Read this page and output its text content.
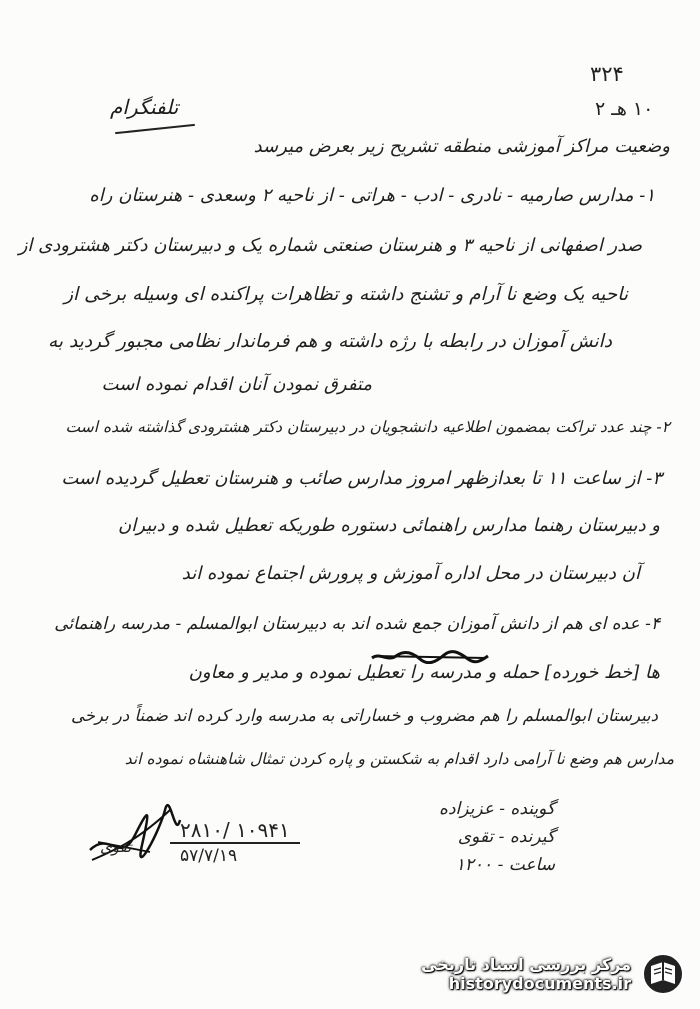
۳۲۴
۱۰ هـ ۲
تلفنگرام
وضعیت مراکز آموزشی منطقه تشریح زیر بعرض میرسد
۱- مدارس صارمیه - نادری - ادب - هراتی - از ناحیه ۲ وسعدی - هنرستان راه
صدر اصفهانی از ناحیه ۳ و هنرستان صنعتی شماره یک و دبیرستان دکتر هشترودی از
ناحیه یک وضع نا آرام و تشنج داشته و تظاهرات پراکنده ای وسیله برخی از
دانش آموزان در رابطه با رژه داشته و هم فرماندار نظامی مجبور گردید به
متفرق نمودن آنان اقدام نموده است
۲- چند عدد تراکت بمضمون اطلاعیه دانشجویان در دبیرستان دکتر هشترودی گذاشته شده است
۳- از ساعت ۱۱ تا بعدازظهر امروز مدارس صائب و هنرستان تعطیل گردیده است
و دبیرستان رهنما مدارس راهنمائی دستوره طوریکه تعطیل شده و دبیران
آن دبیرستان در محل اداره آموزش و پرورش اجتماع نموده اند
۴- عده ای هم از دانش آموزان جمع شده اند به دبیرستان ابوالمسلم - مدرسه راهنمائی
ها [خط خورده] حمله و مدرسه را تعطیل نموده و مدیر و معاون
دبیرستان ابوالمسلم را هم مضروب و خساراتی به مدرسه وارد کرده اند ضمناً در برخی
مدارس هم وضع نا آرامی دارد اقدام به شکستن و پاره کردن تمثال شاهنشاه نموده اند
۲۸۱۰/ ۱۰۹۴۱
۵۷/۷/۱۹
تقوی
گوینده - عزیزاده
گیرنده - تقوی
ساعت - ۱۲۰۰
مرکز بررسی اسناد تاریخی
historydocuments.ir
